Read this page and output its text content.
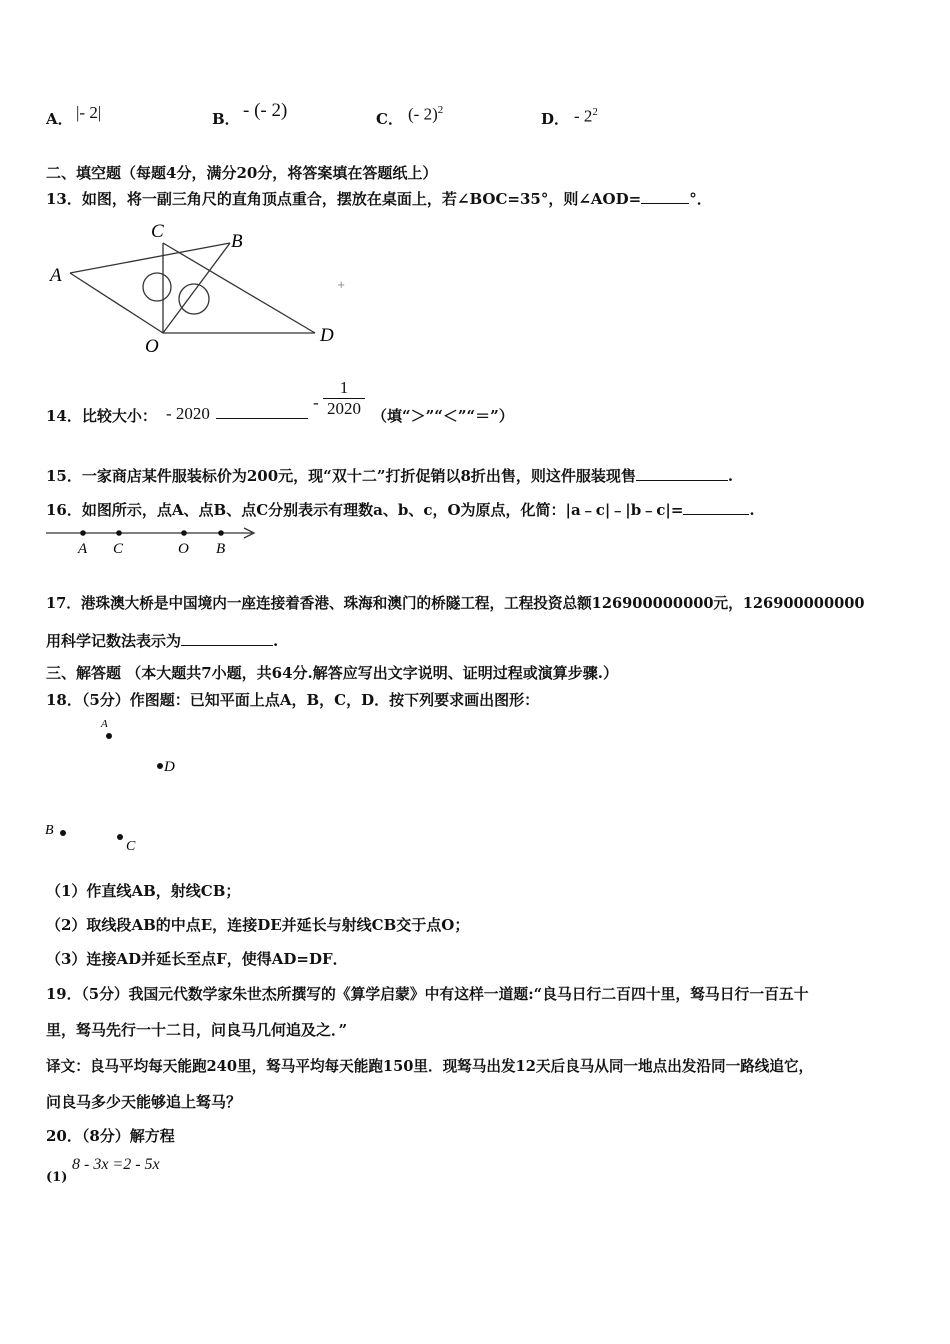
A． |- 2|	B． - (- 2)	C． (- 2)$^2$	D． - $2^2$
二、填空题（每题4分，满分20分，将答案填在答题纸上）
13．如图，将一副三角尺的直角顶点重合，摆放在桌面上，若∠BOC=35°，则∠AOD=	°．
A
C	B
O
D
+
14．比较大小： - 2020
- $\frac{1}{2020}$ （填“＞”“＜”“＝”）
15．一家商店某件服装标价为200元，现“双十二”打折促销以8折出售，则这件服装现售	.
16．如图所示，点A、点B、点C分别表示有理数a、b、c，O为原点，化简：|a﹣c|﹣|b﹣c|=	.
A C	O B
17．港珠澳大桥是中国境内一座连接着香港、珠海和澳门的桥隧工程，工程投资总额126900000000元，126900000000
用科学记数法表示为	.
三、解答题 （本大题共7小题，共64分.解答应写出文字说明、证明过程或演算步骤.）
18．（5分）作图题：已知平面上点A，B，C，D．按下列要求画出图形：
A
D
B
C
（1）作直线AB，射线CB；
（2）取线段AB的中点E，连接DE并延长与射线CB交于点O；
（3）连接AD并延长至点F，使得AD=DF．
19．（5分）我国元代数学家朱世杰所撰写的《算学启蒙》中有这样一道题:“良马日行二百四十里，驽马日行一百五十
里，驽马先行一十二日，问良马几何追及之．”
译文：良马平均每天能跑240里，驽马平均每天能跑150里．现驽马出发12天后良马从同一地点出发沿同一路线追它，
问良马多少天能够追上驽马？
20．（8分）解方程
(1)
8 - 3x =2 - 5x
